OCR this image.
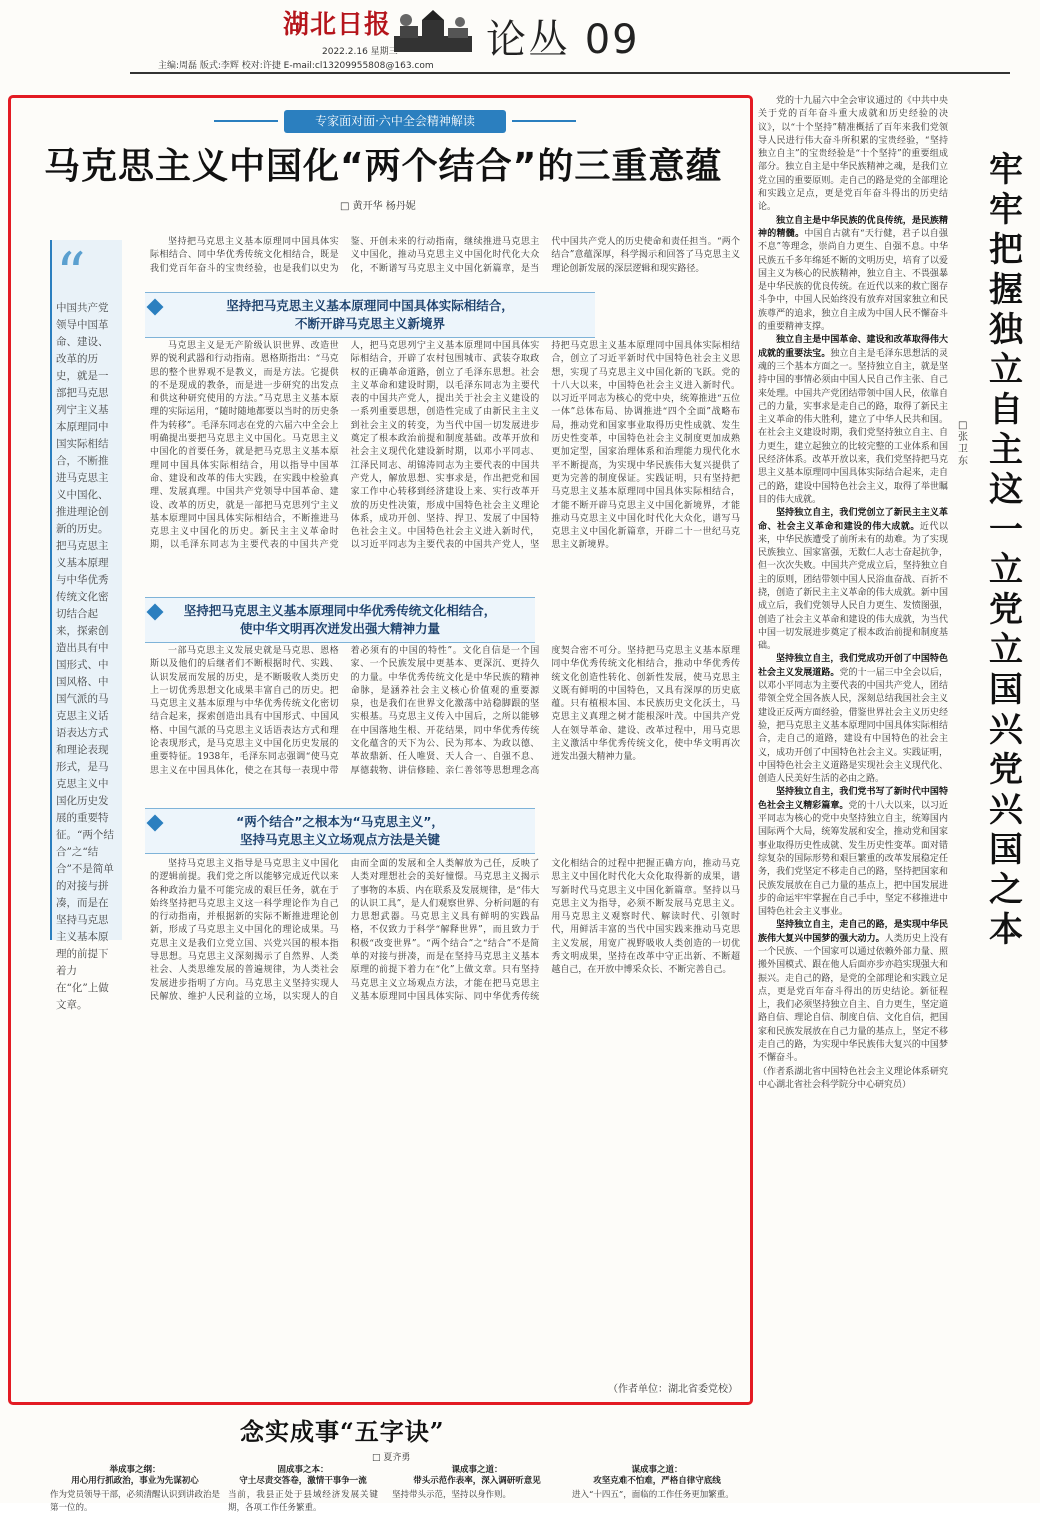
湖北日报
2022.2.16 星期三 论丛 09
主编:周磊 版式:李辉 校对:许捷 E-mail:cl13209955808@163.com
专家面对面·六中全会精神解读
马克思主义中国化“两个结合”的三重意蕴
□ 黄开华 杨丹妮
“
中国共产党领导中国革命、建设、改革的历史，就是一部把马克思列宁主义基本原理同中国实际相结合，不断推进马克思主义中国化、推进理论创新的历史。把马克思主义基本原理与中华优秀传统文化密切结合起来，探索创造出具有中国形式、中国风格、中国气派的马克思主义话语表达方式和理论表现形式，是马克思主义中国化历史发展的重要特征。“两个结合”之“结合”不是简单的对接与拼凑，而是在坚持马克思主义基本原理的前提下着力在“化”上做文章。
坚持把马克思主义基本原理同中国具体实际相结合、同中华优秀传统文化相结合，既是我们党百年奋斗的宝贵经验，也是我们以史为鉴、开创未来的行动指南，继续推进马克思主义中国化，推动马克思主义中国化时代化大众化，不断谱写马克思主义中国化新篇章，是当代中国共产党人的历史使命和责任担当。“两个结合”意蕴深厚，科学揭示和回答了马克思主义理论创新发展的深层逻辑和现实路径。
坚持把马克思主义基本原理同中国具体实际相结合，
不断开辟马克思主义新境界
马克思主义是无产阶级认识世界、改造世界的锐利武器和行动指南。恩格斯指出：“马克思的整个世界观不是教义，而是方法。它提供的不是现成的教条，而是进一步研究的出发点和供这种研究使用的方法。”马克思主义基本原理的实际运用，“随时随地都要以当时的历史条件为转移”。毛泽东同志在党的六届六中全会上明确提出要把马克思主义中国化。马克思主义中国化的首要任务，就是把马克思主义基本原理同中国具体实际相结合，用以指导中国革命、建设和改革的伟大实践，在实践中检验真理、发展真理。中国共产党领导中国革命、建设、改革的历史，就是一部把马克思列宁主义基本原理同中国具体实际相结合，不断推进马克思主义中国化的历史。新民主主义革命时期，以毛泽东同志为主要代表的中国共产党人，把马克思列宁主义基本原理同中国具体实际相结合，开辟了农村包围城市、武装夺取政权的正确革命道路，创立了毛泽东思想。社会主义革命和建设时期，以毛泽东同志为主要代表的中国共产党人，提出关于社会主义建设的一系列重要思想，创造性完成了由新民主主义到社会主义的转变，为当代中国一切发展进步奠定了根本政治前提和制度基础。改革开放和社会主义现代化建设新时期，以邓小平同志、江泽民同志、胡锦涛同志为主要代表的中国共产党人，解放思想、实事求是，作出把党和国家工作中心转移到经济建设上来、实行改革开放的历史性决策，形成中国特色社会主义理论体系，成功开创、坚持、捍卫、发展了中国特色社会主义。中国特色社会主义进入新时代，以习近平同志为主要代表的中国共产党人，坚持把马克思主义基本原理同中国具体实际相结合，创立了习近平新时代中国特色社会主义思想，实现了马克思主义中国化新的飞跃。党的十八大以来，中国特色社会主义进入新时代。以习近平同志为核心的党中央，统筹推进“五位一体”总体布局、协调推进“四个全面”战略布局，推动党和国家事业取得历史性成就、发生历史性变革，中国特色社会主义制度更加成熟更加定型，国家治理体系和治理能力现代化水平不断提高，为实现中华民族伟大复兴提供了更为完善的制度保证。实践证明，只有坚持把马克思主义基本原理同中国具体实际相结合，才能不断开辟马克思主义中国化新境界，才能推动马克思主义中国化时代化大众化，谱写马克思主义中国化新篇章，开辟二十一世纪马克思主义新境界。
坚持把马克思主义基本原理同中华优秀传统文化相结合，
使中华文明再次迸发出强大精神力量
一部马克思主义发展史就是马克思、恩格斯以及他们的后继者们不断根据时代、实践、认识发展而发展的历史，是不断吸收人类历史上一切优秀思想文化成果丰富自己的历史。把马克思主义基本原理与中华优秀传统文化密切结合起来，探索创造出具有中国形式、中国风格、中国气派的马克思主义话语表达方式和理论表现形式，是马克思主义中国化历史发展的重要特征。1938年，毛泽东同志强调“使马克思主义在中国具体化，使之在其每一表现中带着必须有的中国的特性”。文化自信是一个国家、一个民族发展中更基本、更深沉、更持久的力量。中华优秀传统文化是中华民族的精神命脉，是涵养社会主义核心价值观的重要源泉，也是我们在世界文化激荡中站稳脚跟的坚实根基。马克思主义传入中国后，之所以能够在中国落地生根、开花结果，同中华优秀传统文化蕴含的天下为公、民为邦本、为政以德、革故鼎新、任人唯贤、天人合一、自强不息、厚德载物、讲信修睦、亲仁善邻等思想理念高度契合密不可分。坚持把马克思主义基本原理同中华优秀传统文化相结合，推动中华优秀传统文化创造性转化、创新性发展，使马克思主义既有鲜明的中国特色，又具有深厚的历史底蕴。只有植根本国、本民族历史文化沃土，马克思主义真理之树才能根深叶茂。中国共产党人在领导革命、建设、改革过程中，用马克思主义激活中华优秀传统文化，使中华文明再次迸发出强大精神力量。
“两个结合”之根本为“马克思主义”，
坚持马克思主义立场观点方法是关键
坚持马克思主义指导是马克思主义中国化的逻辑前提。我们党之所以能够完成近代以来各种政治力量不可能完成的艰巨任务，就在于始终坚持把马克思主义这一科学理论作为自己的行动指南，并根据新的实际不断推进理论创新，形成了马克思主义中国化的理论成果。马克思主义是我们立党立国、兴党兴国的根本指导思想。马克思主义深刻揭示了自然界、人类社会、人类思维发展的普遍规律，为人类社会发展进步指明了方向。马克思主义坚持实现人民解放、维护人民利益的立场，以实现人的自由而全面的发展和全人类解放为己任，反映了人类对理想社会的美好憧憬。马克思主义揭示了事物的本质、内在联系及发展规律，是“伟大的认识工具”，是人们观察世界、分析问题的有力思想武器。马克思主义具有鲜明的实践品格，不仅致力于科学“解释世界”，而且致力于积极“改变世界”。“两个结合”之“结合”不是简单的对接与拼凑，而是在坚持马克思主义基本原理的前提下着力在“化”上做文章。只有坚持马克思主义立场观点方法，才能在把马克思主义基本原理同中国具体实际、同中华优秀传统文化相结合的过程中把握正确方向，推动马克思主义中国化时代化大众化取得新的成果，谱写新时代马克思主义中国化新篇章。坚持以马克思主义为指导，必须不断发展马克思主义。用马克思主义观察时代、解读时代、引领时代，用鲜活丰富的当代中国实践来推动马克思主义发展，用宽广视野吸收人类创造的一切优秀文明成果，坚持在改革中守正出新、不断超越自己，在开放中博采众长、不断完善自己。
（作者单位：湖北省委党校）

党的十九届六中全会审议通过的《中共中央关于党的百年奋斗重大成就和历史经验的决议》，以“十个坚持”精准概括了百年来我们党领导人民进行伟大奋斗所积累的宝贵经验，“坚持独立自主”的宝贵经验是“十个坚持”的重要组成部分。独立自主是中华民族精神之魂，是我们立党立国的重要原则。走自己的路是党的全部理论和实践立足点，更是党百年奋斗得出的历史结论。

独立自主是中华民族的优良传统，是民族精神的精髓。中国自古就有“天行健，君子以自强不息”等理念，崇尚自力更生、自强不息。中华民族五千多年绵延不断的文明历史，培育了以爱国主义为核心的民族精神，独立自主、不畏强暴是中华民族的优良传统。在近代以来的救亡图存斗争中，中国人民始终没有放弃对国家独立和民族尊严的追求，独立自主成为中国人民不懈奋斗的重要精神支撑。

独立自主是中国革命、建设和改革取得伟大成就的重要法宝。独立自主是毛泽东思想活的灵魂的三个基本方面之一。坚持独立自主，就是坚持中国的事情必须由中国人民自己作主张、自己来处理。中国共产党团结带领中国人民，依靠自己的力量，实事求是走自己的路，取得了新民主主义革命的伟大胜利，建立了中华人民共和国。在社会主义建设时期，我们党坚持独立自主、自力更生，建立起独立的比较完整的工业体系和国民经济体系。改革开放以来，我们党坚持把马克思主义基本原理同中国具体实际结合起来，走自己的路，建设中国特色社会主义，取得了举世瞩目的伟大成就。

坚持独立自主，我们党创立了新民主主义革命、社会主义革命和建设的伟大成就。近代以来，中华民族遭受了前所未有的劫难。为了实现民族独立、国家富强，无数仁人志士奋起抗争，但一次次失败。中国共产党成立后，坚持独立自主的原则，团结带领中国人民浴血奋战、百折不挠，创造了新民主主义革命的伟大成就。新中国成立后，我们党领导人民自力更生、发愤图强，创造了社会主义革命和建设的伟大成就，为当代中国一切发展进步奠定了根本政治前提和制度基础。

坚持独立自主，我们党成功开创了中国特色社会主义发展道路。党的十一届三中全会以后，以邓小平同志为主要代表的中国共产党人，团结带领全党全国各族人民，深刻总结我国社会主义建设正反两方面经验，借鉴世界社会主义历史经验，把马克思主义基本原理同中国具体实际相结合，走自己的道路，建设有中国特色的社会主义，成功开创了中国特色社会主义。实践证明，中国特色社会主义道路是实现社会主义现代化、创造人民美好生活的必由之路。

坚持独立自主，我们党书写了新时代中国特色社会主义精彩篇章。党的十八大以来，以习近平同志为核心的党中央坚持独立自主，统筹国内国际两个大局，统筹发展和安全，推动党和国家事业取得历史性成就、发生历史性变革。面对错综复杂的国际形势和艰巨繁重的改革发展稳定任务，我们党坚定不移走自己的路，坚持把国家和民族发展放在自己力量的基点上，把中国发展进步的命运牢牢掌握在自己手中，坚定不移推进中国特色社会主义事业。

坚持独立自主，走自己的路，是实现中华民族伟大复兴中国梦的强大动力。人类历史上没有一个民族、一个国家可以通过依赖外部力量、照搬外国模式、跟在他人后面亦步亦趋实现强大和振兴。走自己的路，是党的全部理论和实践立足点，更是党百年奋斗得出的历史结论。新征程上，我们必须坚持独立自主、自力更生，坚定道路自信、理论自信、制度自信、文化自信，把国家和民族发展放在自己力量的基点上，坚定不移走自己的路，为实现中华民族伟大复兴的中国梦不懈奋斗。

（作者系湖北省中国特色社会主义理论体系研究中心湖北省社会科学院分中心研究员）

牢牢把握独立自主这一立党立国兴党兴国之本
□ 张卫东
念实成事“五字诀”
□ 夏齐勇
举成事之纲：
用心用行抓政治，事业为先谋初心
固成事之本：
守土尽责交答卷，激情干事争一流
课成事之道：
带头示范作表率，深入调研听意见
谋成事之道：
攻坚克难不怕难，严格自律守底线
作为党员领导干部，必须清醒认识到讲政治是第一位的。
当前，我县正处于县域经济发展关键期，各项工作任务繁重。
坚持带头示范，坚持以身作则。	进入“十四五”，面临的工作任务更加繁重。
